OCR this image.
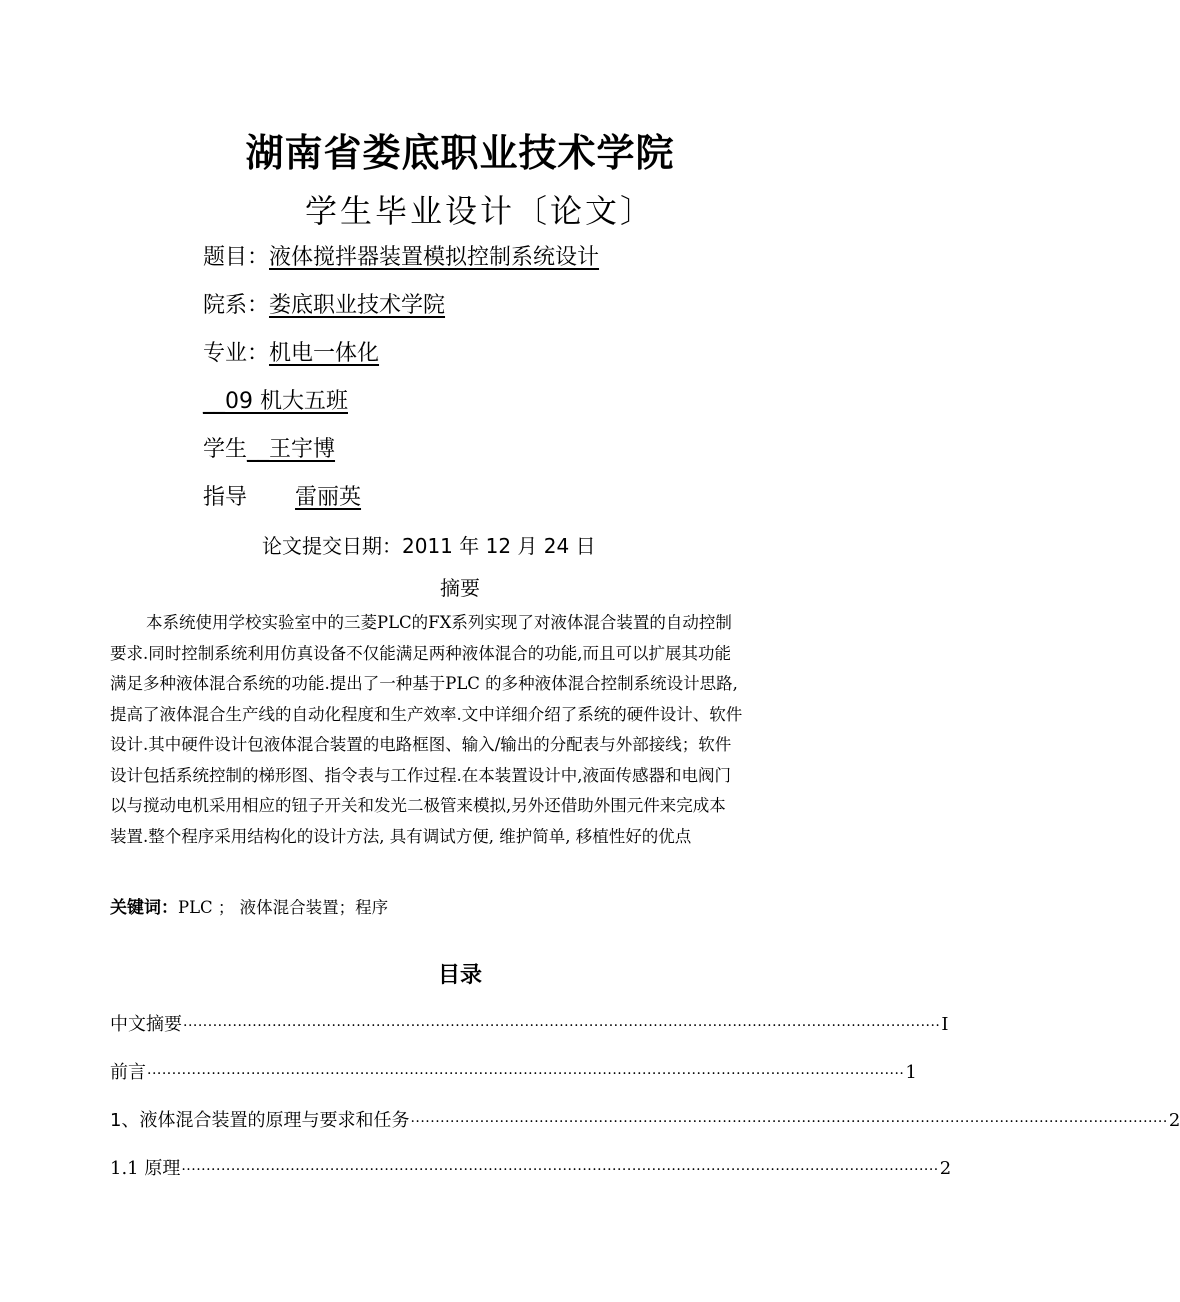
湖南省娄底职业技术学院
学生毕业设计〔论文〕
题目：液体搅拌器装置模拟控制系统设计
院系：娄底职业技术学院
专业：机电一体化
__09 机大五班
学生__王宇博
指导 雷丽英
论文提交日期：2011 年 12 月 24 日
摘要
本系统使用学校实验室中的三菱PLC的FX系列实现了对液体混合装置的自动控制
要求.同时控制系统利用仿真设备不仅能满足两种液体混合的功能,而且可以扩展其功能
满足多种液体混合系统的功能.提出了一种基于PLC 的多种液体混合控制系统设计思路,
提高了液体混合生产线的自动化程度和生产效率.文中详细介绍了系统的硬件设计、软件
设计.其中硬件设计包液体混合装置的电路框图、输入/输出的分配表与外部接线；软件
设计包括系统控制的梯形图、指令表与工作过程.在本装置设计中,液面传感器和电阀门
以与搅动电机采用相应的钮子开关和发光二极管来模拟,另外还借助外围元件来完成本
装置.整个程序采用结构化的设计方法, 具有调试方便, 维护简单, 移植性好的优点
关键词：PLC ； 液体混合装置；程序
目录
中文摘要 ························································································································································· I
前言 ························································································································································· 1
1、液体混合装置的原理与要求和任务 ························································································································································· 2
1.1 原理 ························································································································································· 2
